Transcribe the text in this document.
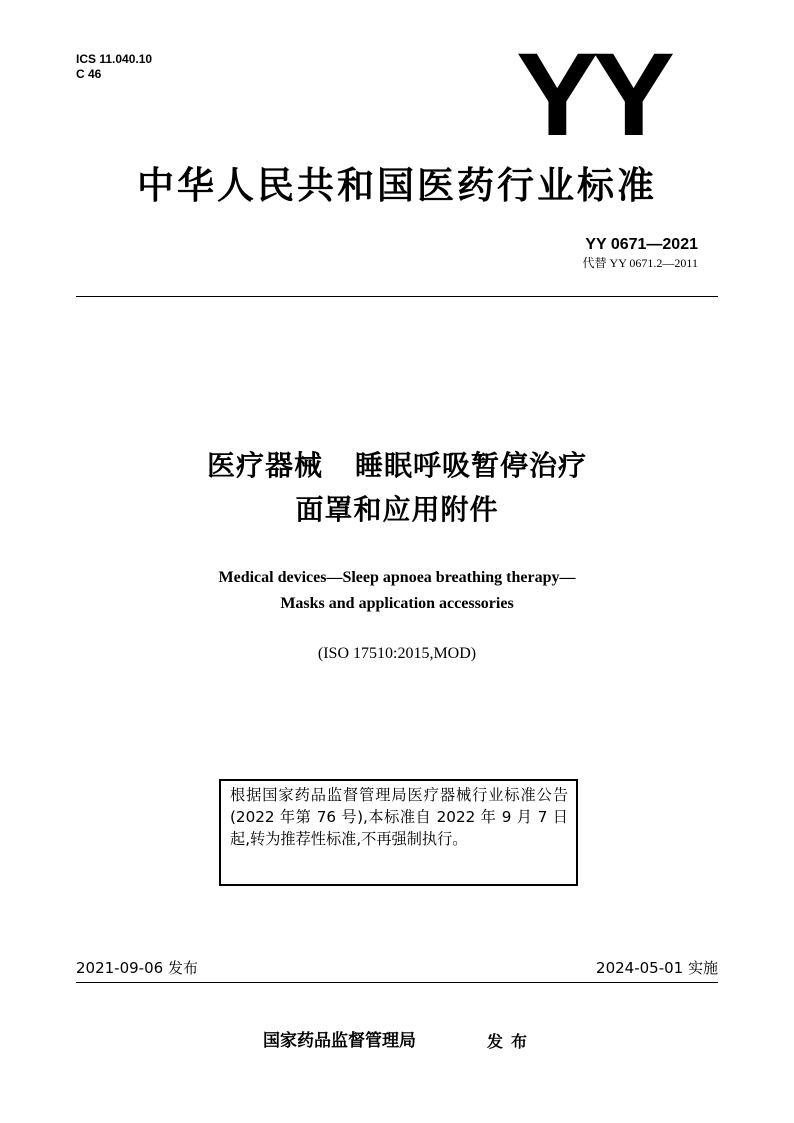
ICS 11.040.10
C 46	YY
中华人民共和国医药行业标准
YY 0671—2021
代替 YY 0671.2—2011
医疗器械 睡眠呼吸暂停治疗
面罩和应用附件
Medical devices—Sleep apnoea breathing therapy—
Masks and application accessories
(ISO 17510:2015,MOD)
根据国家药品监督管理局医疗器械行业标准公告(2022 年第 76 号),本标准自 2022 年 9 月 7 日起,转为推荐性标准,不再强制执行。
2021-09-06 发布	2024-05-01 实施
国家药品监督管理局	发布
